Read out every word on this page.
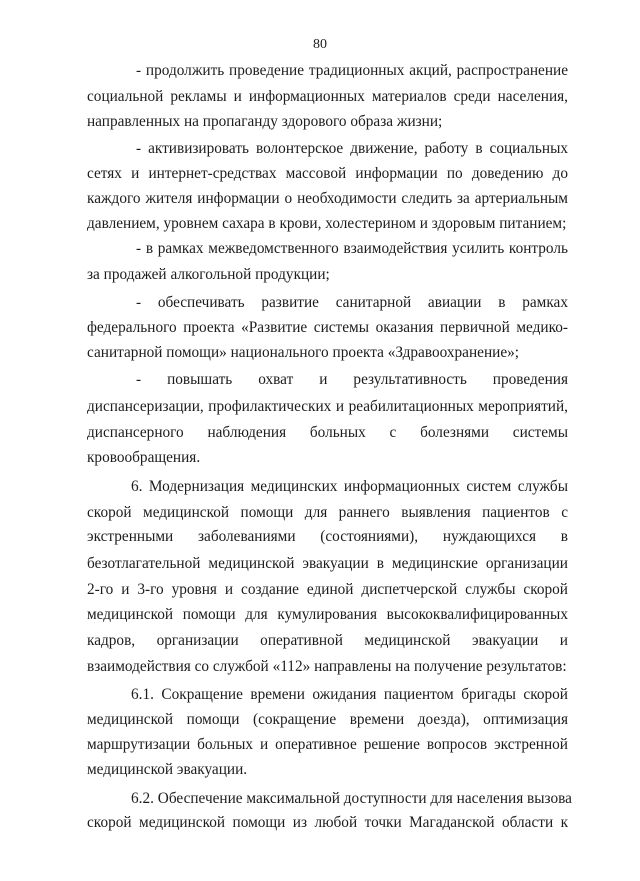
80
- продолжить проведение традиционных акций, распространение
социальной рекламы и информационных материалов среди населения,
направленных на пропаганду здорового образа жизни;
- активизировать волонтерское движение, работу в социальных
сетях и интернет-средствах массовой информации по доведению до
каждого жителя информации о необходимости следить за артериальным
давлением, уровнем сахара в крови, холестерином и здоровым питанием;
- в рамках межведомственного взаимодействия усилить контроль
за продажей алкогольной продукции;
- обеспечивать развитие санитарной авиации в рамках
федерального проекта «Развитие системы оказания первичной медико-
санитарной помощи» национального проекта «Здравоохранение»;
- повышать охват и результативность проведения
диспансеризации, профилактических и реабилитационных мероприятий,
диспансерного наблюдения больных с болезнями системы
кровообращения.
6. Модернизация медицинских информационных систем службы
скорой медицинской помощи для раннего выявления пациентов с
экстренными заболеваниями (состояниями), нуждающихся в
безотлагательной медицинской эвакуации в медицинские организации
2-го и 3-го уровня и создание единой диспетчерской службы скорой
медицинской помощи для кумулирования высококвалифицированных
кадров, организации оперативной медицинской эвакуации и
взаимодействия со службой «112» направлены на получение результатов:
6.1. Сокращение времени ожидания пациентом бригады скорой
медицинской помощи (сокращение времени доезда), оптимизация
маршрутизации больных и оперативное решение вопросов экстренной
медицинской эвакуации.
6.2. Обеспечение максимальной доступности для населения вызова
скорой медицинской помощи из любой точки Магаданской области к
